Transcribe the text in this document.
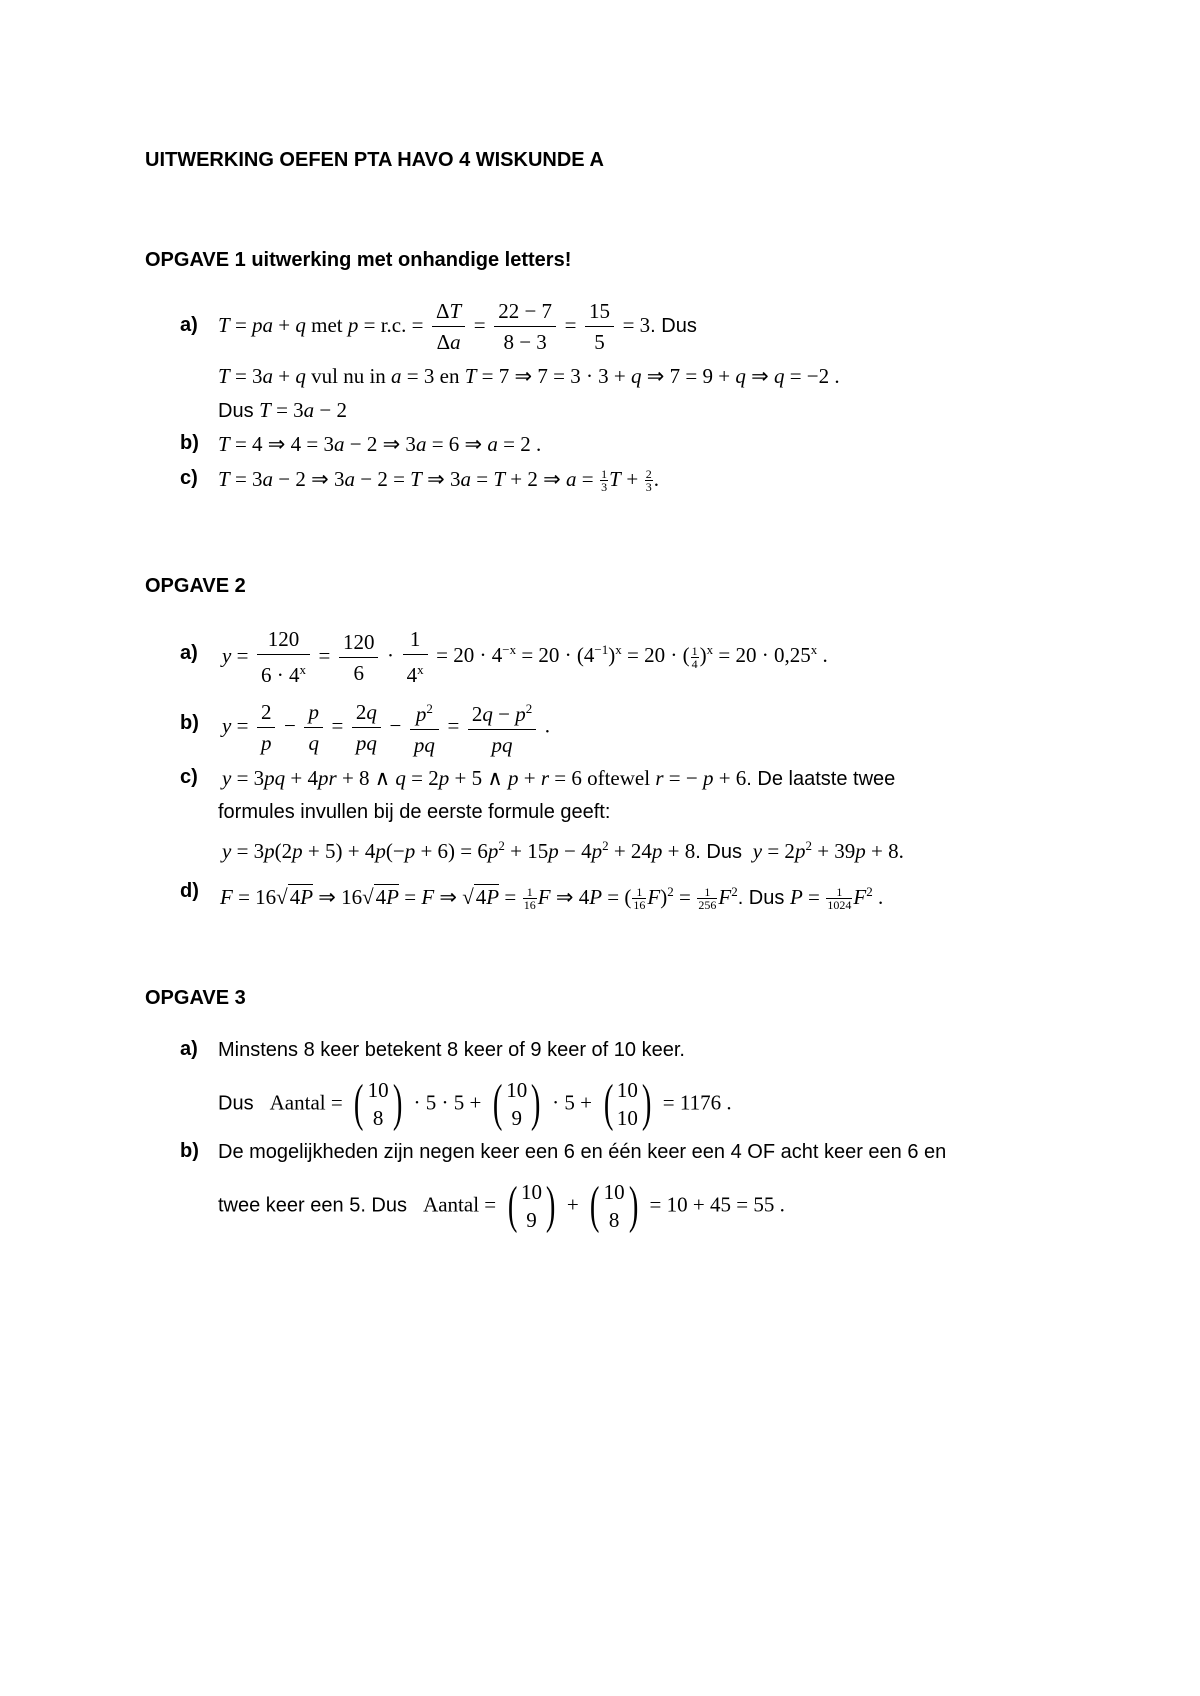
UITWERKING OEFEN PTA HAVO 4 WISKUNDE A
OPGAVE 1 uitwerking met onhandige letters!
a) T = pa + q met p = r.c. = $\frac{\Delta T}{\Delta a} = \frac{22 - 7}{8 - 3} = \frac{15}{5} = 3$. Dus
T = 3a + q vul nu in a = 3 en T = 7 ⇒ 7 = 3 · 3 + q ⇒ 7 = 9 + q ⇒ q = −2 .
Dus T = 3a − 2
b) T = 4 ⇒ 4 = 3a − 2 ⇒ 3a = 6 ⇒ a = 2 .
c) T = 3a − 2 ⇒ 3a − 2 = T ⇒ 3a = T + 2 ⇒ $a = \frac{1}{3}$ $T + \frac{2}{3}$ .
OPGAVE 2
a) $y = \frac{120}{6 \cdot 4^x} = \frac{120}{6} \cdot \frac{1}{4^x} = 20 \cdot 4^{-x} = 20 \cdot (4^{-1})^x = 20$ · ( $\frac{1}{4} )^x = 20 \cdot 0,25^x$ .
b) $y = \frac{2}{p} - \frac{p}{q} = \frac{2q}{pq} - \frac{p^2}{pq} = \frac{2q - p^2}{pq}$ .
c) y = 3pq + 4pr + 8 ∧ q = 2p + 5 ∧ p + r = 6 oftewel r = − p + 6. De laatste twee
formules invullen bij de eerste formule geeft:
$y = 3p(2p + 5) + 4p(-p + 6) = 6p^2 + 15p - 4p^2 + 24p + 8$. Dus $y = 2p^2 + 39p + 8$.
d) F = 16√4P ⇒ 16√4P = F ⇒ $√4P = \frac{1}{16}$ F ⇒ 4P = ( $\frac{1}{16} F)^2 = \frac{1}{256} F^2$. Dus $P = \frac{1}{1024} F^2$ .
OPGAVE 3
a) Minstens 8 keer betekent 8 keer of 9 keer of 10 keer.
Dus Aantal = ( 10
8 ) · 5 · 5 + ( 10
9 ) · 5 + ( 10
10 ) = 1176 .
b) De mogelijkheden zijn negen keer een 6 en één keer een 4 OF acht keer een 6 en
twee keer een 5. Dus Aantal = ( 10
9 ) + ( 10
8 ) = 10 + 45 = 55 .
